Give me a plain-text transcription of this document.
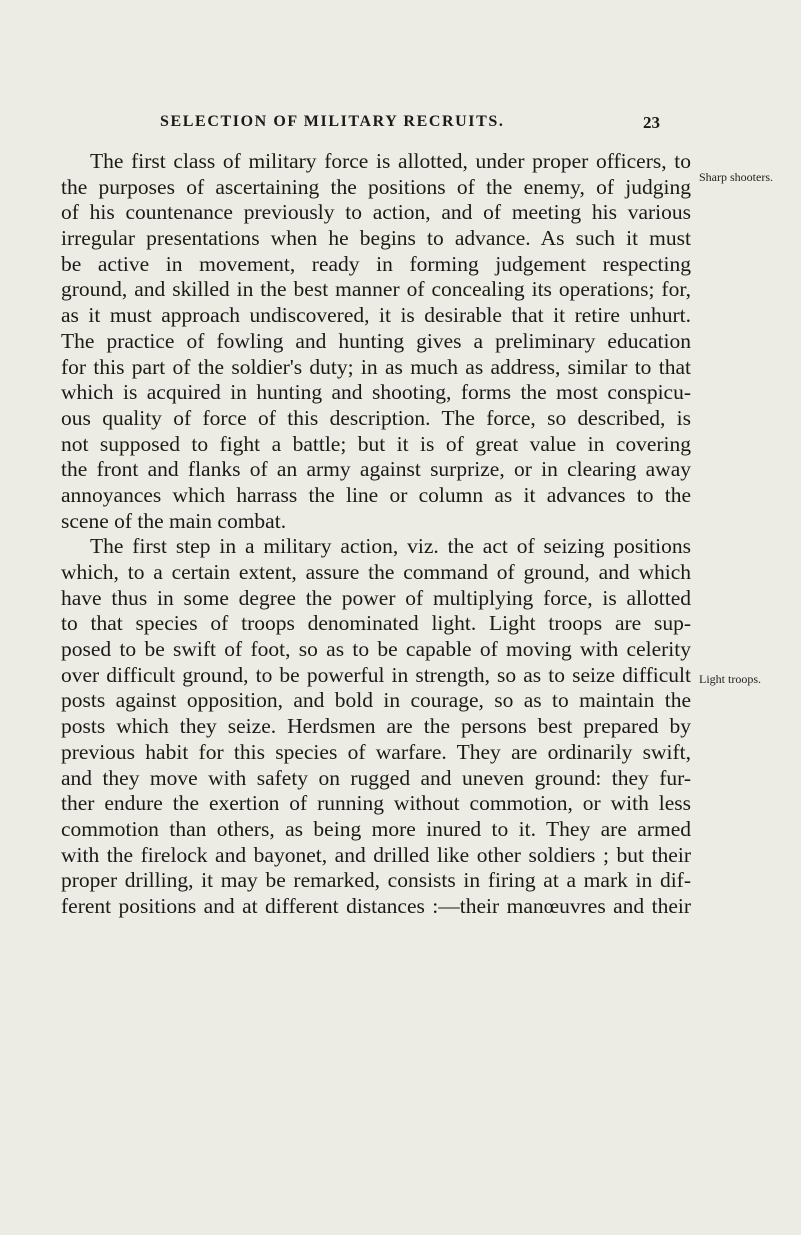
SELECTION OF MILITARY RECRUITS.	23
Sharp shooters.
Light troops.
The first class of military force is allotted, under proper officers, to
the purposes of ascertaining the positions of the enemy, of judging
of his countenance previously to action, and of meeting his various
irregular presentations when he begins to advance. As such it must
be active in movement, ready in forming judgement respecting
ground, and skilled in the best manner of concealing its operations; for,
as it must approach undiscovered, it is desirable that it retire unhurt.
The practice of fowling and hunting gives a preliminary education
for this part of the soldier's duty; in as much as address, similar to that
which is acquired in hunting and shooting, forms the most conspicu-
ous quality of force of this description. The force, so described, is
not supposed to fight a battle; but it is of great value in covering
the front and flanks of an army against surprize, or in clearing away
annoyances which harrass the line or column as it advances to the
scene of the main combat.
The first step in a military action, viz. the act of seizing positions
which, to a certain extent, assure the command of ground, and which
have thus in some degree the power of multiplying force, is allotted
to that species of troops denominated light. Light troops are sup-
posed to be swift of foot, so as to be capable of moving with celerity
over difficult ground, to be powerful in strength, so as to seize difficult
posts against opposition, and bold in courage, so as to maintain the
posts which they seize. Herdsmen are the persons best prepared by
previous habit for this species of warfare. They are ordinarily swift,
and they move with safety on rugged and uneven ground: they fur-
ther endure the exertion of running without commotion, or with less
commotion than others, as being more inured to it. They are armed
with the firelock and bayonet, and drilled like other soldiers ; but their
proper drilling, it may be remarked, consists in firing at a mark in dif-
ferent positions and at different distances :—their manœuvres and their
